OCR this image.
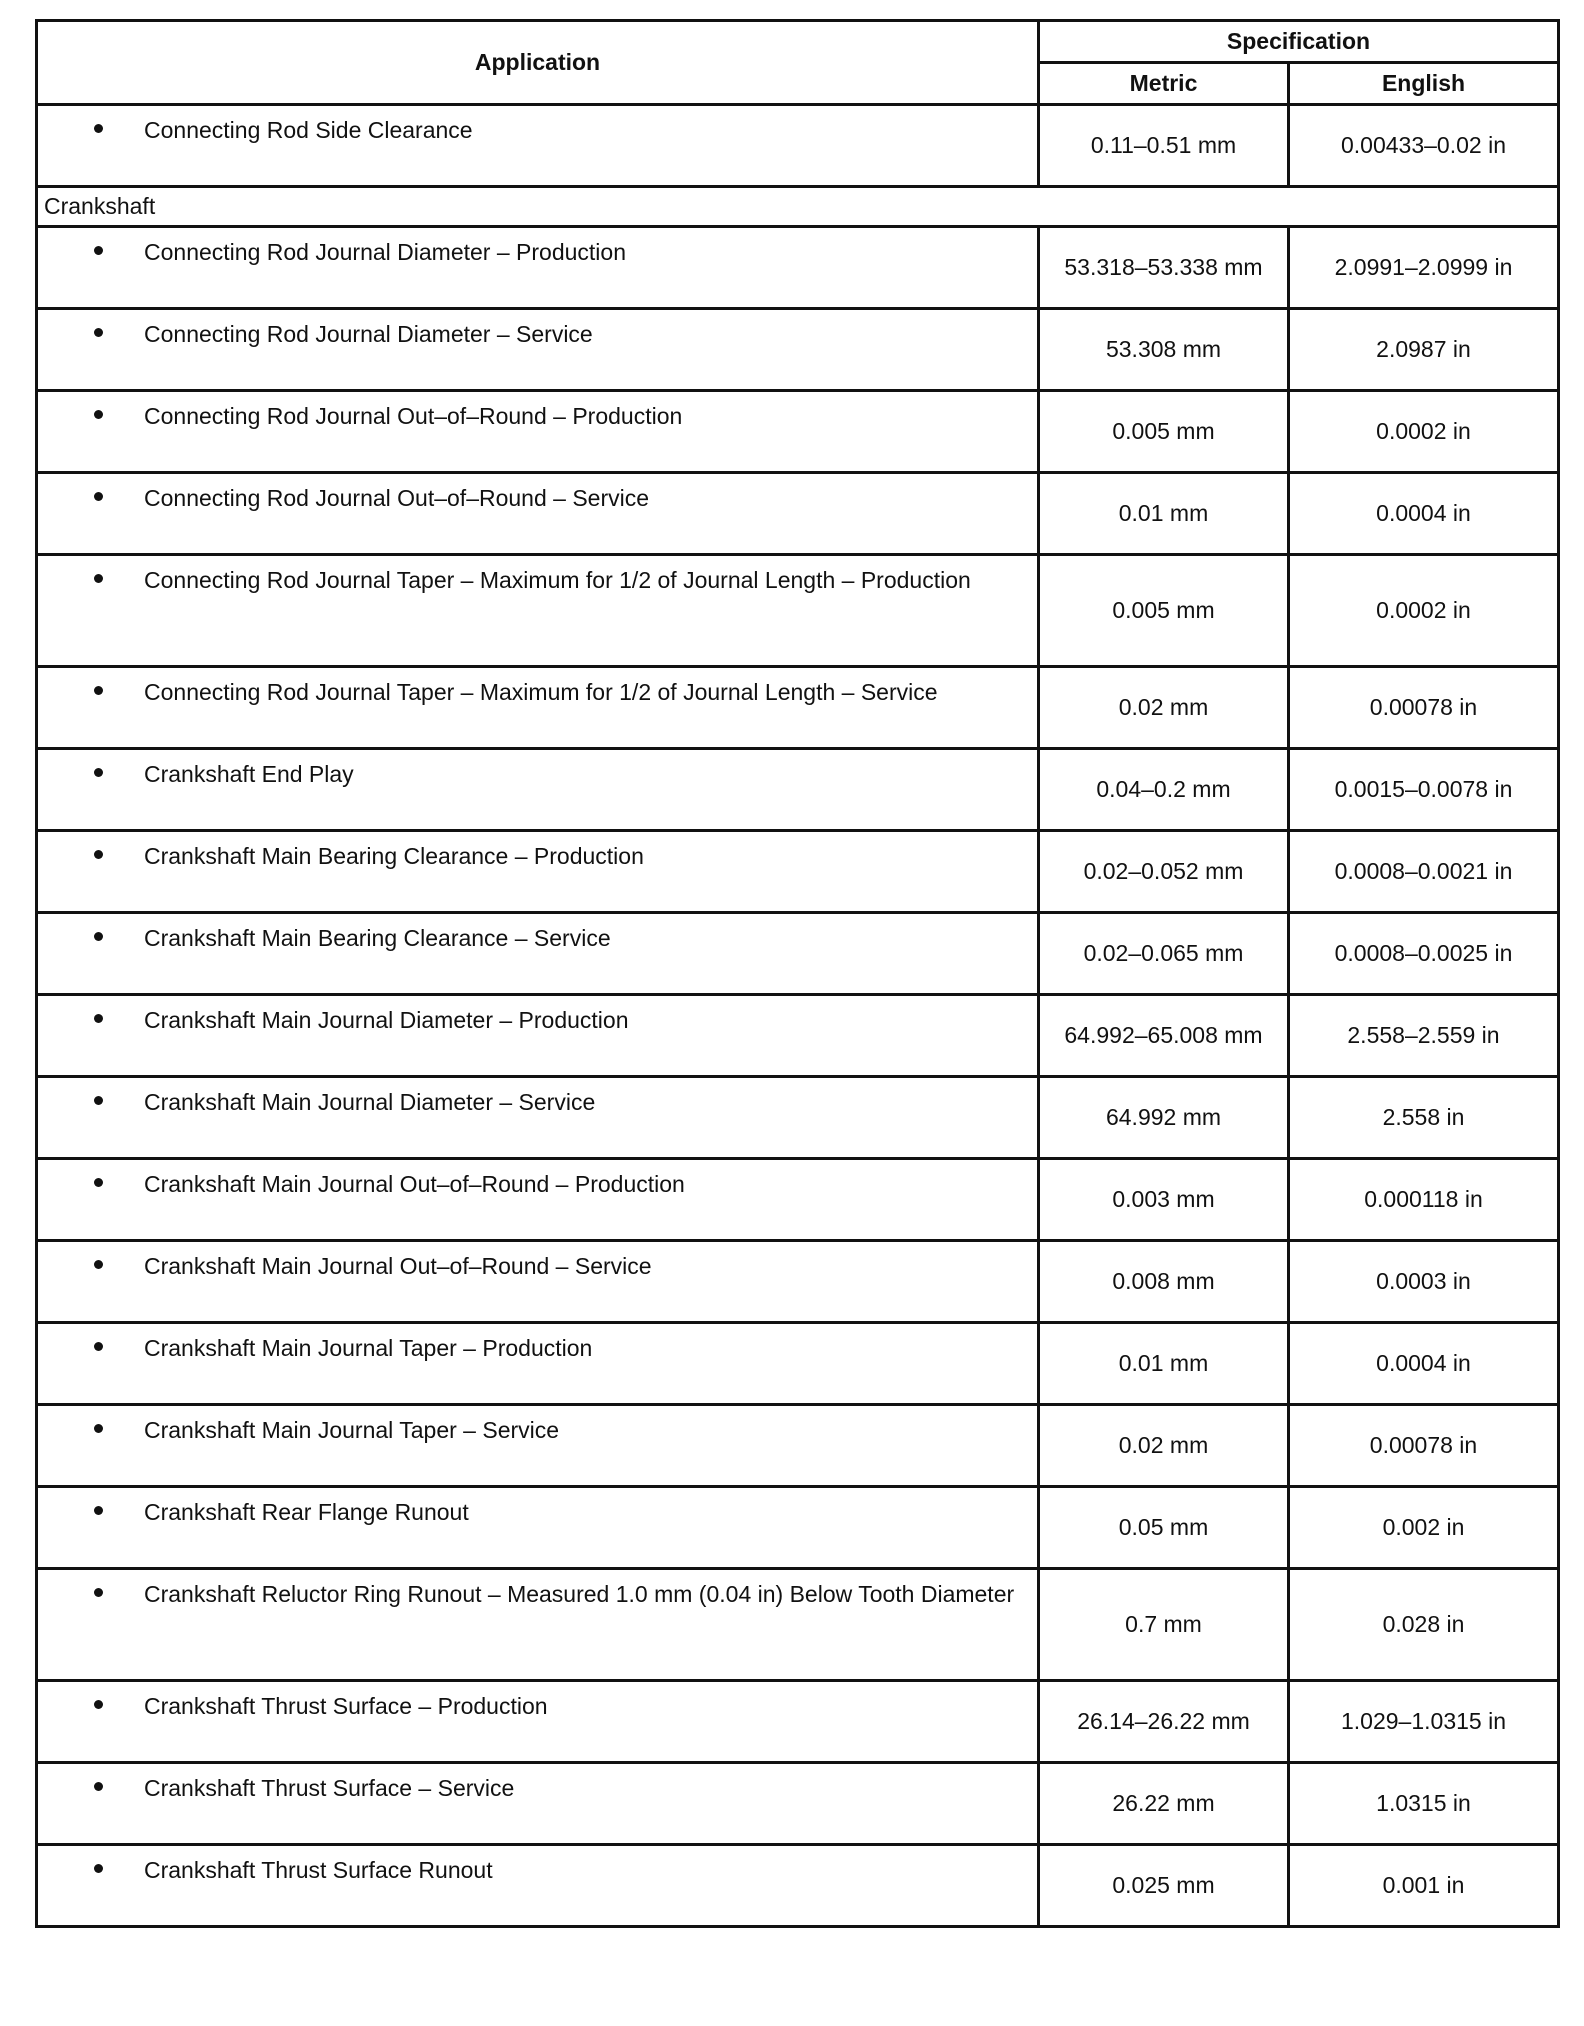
Application	Specification	
	Metric	English

Connecting Rod Side Clearance	0.11–0.51 mm	0.00433–0.02 in
Crankshaft		

Connecting Rod Journal Diameter – Production	53.318–53.338 mm	2.0991–2.0999 in

Connecting Rod Journal Diameter – Service	53.308 mm	2.0987 in

Connecting Rod Journal Out–of–Round – Production	0.005 mm	0.0002 in

Connecting Rod Journal Out–of–Round – Service	0.01 mm	0.0004 in

Connecting Rod Journal Taper – Maximum for 1/2 of Journal Length – Production	0.005 mm	0.0002 in

Connecting Rod Journal Taper – Maximum for 1/2 of Journal Length – Service	0.02 mm	0.00078 in

Crankshaft End Play	0.04–0.2 mm	0.0015–0.0078 in

Crankshaft Main Bearing Clearance – Production	0.02–0.052 mm	0.0008–0.0021 in

Crankshaft Main Bearing Clearance – Service	0.02–0.065 mm	0.0008–0.0025 in

Crankshaft Main Journal Diameter – Production	64.992–65.008 mm	2.558–2.559 in

Crankshaft Main Journal Diameter – Service	64.992 mm	2.558 in

Crankshaft Main Journal Out–of–Round – Production	0.003 mm	0.000118 in

Crankshaft Main Journal Out–of–Round – Service	0.008 mm	0.0003 in

Crankshaft Main Journal Taper – Production	0.01 mm	0.0004 in

Crankshaft Main Journal Taper – Service	0.02 mm	0.00078 in

Crankshaft Rear Flange Runout	0.05 mm	0.002 in

Crankshaft Reluctor Ring Runout – Measured 1.0 mm (0.04 in) Below Tooth Diameter	0.7 mm	0.028 in

Crankshaft Thrust Surface – Production	26.14–26.22 mm	1.029–1.0315 in

Crankshaft Thrust Surface – Service	26.22 mm	1.0315 in

Crankshaft Thrust Surface Runout	0.025 mm	0.001 in
